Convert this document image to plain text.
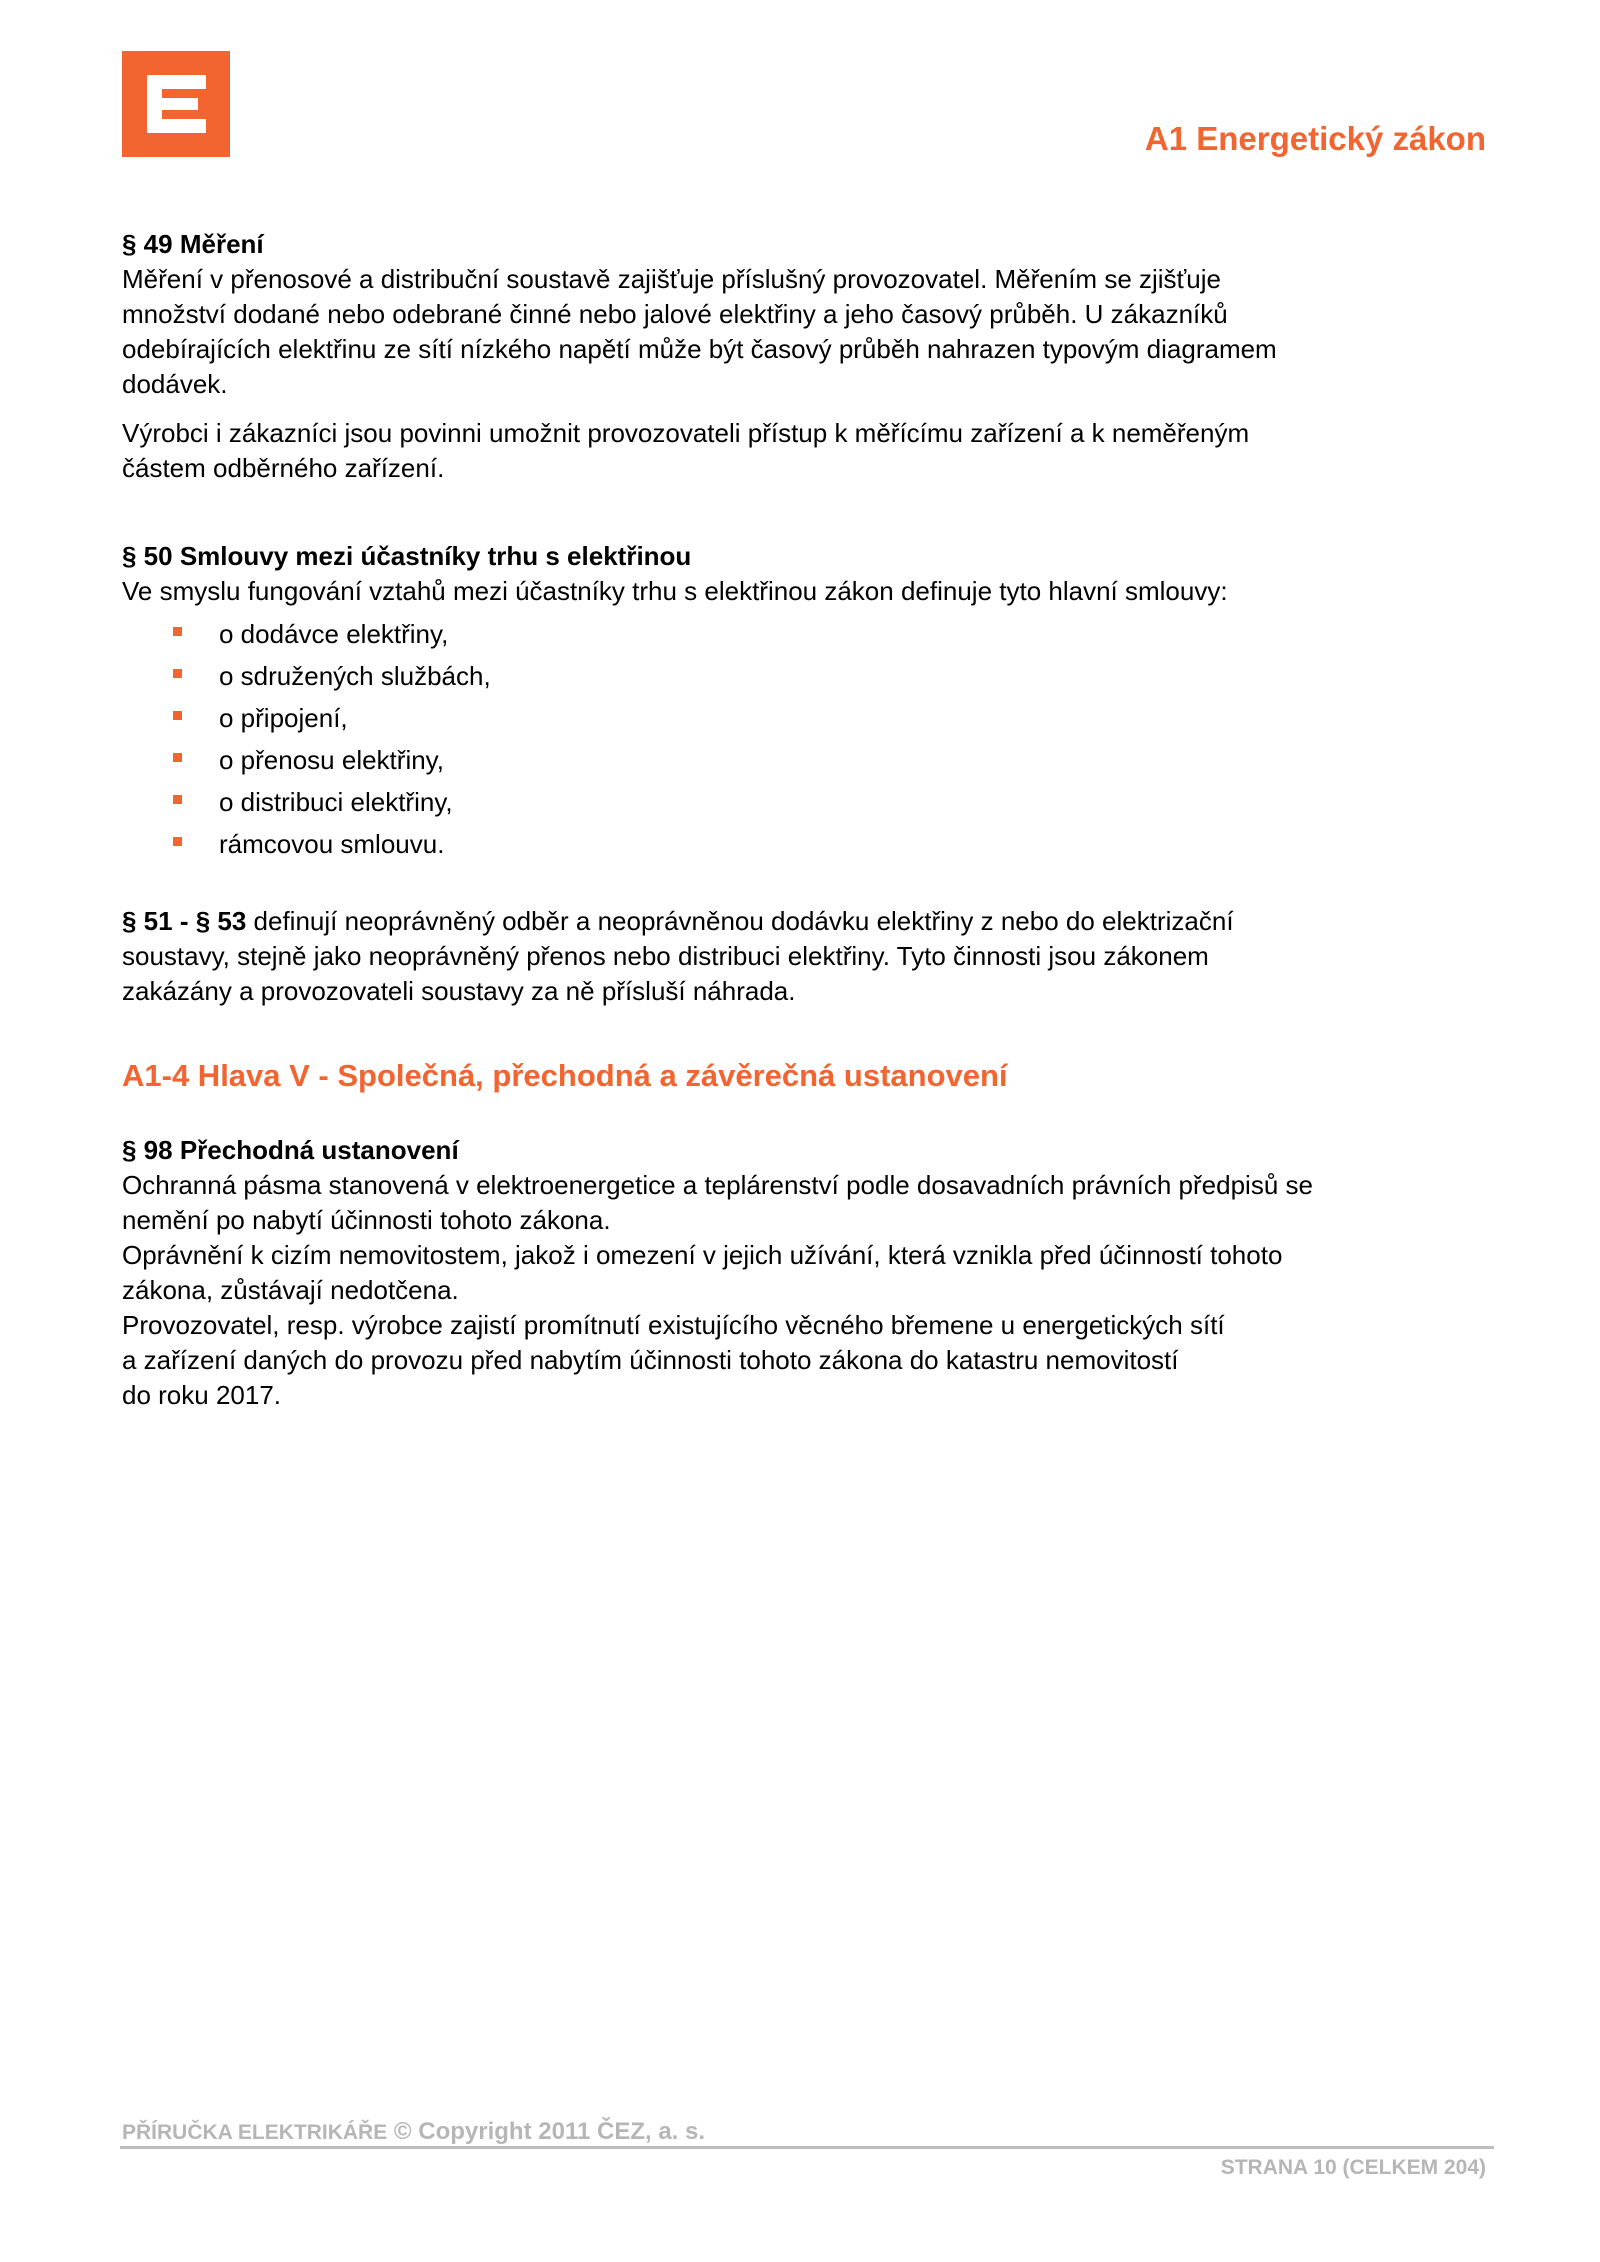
A1 Energetický zákon

§ 49 Měření

Měření v přenosové a distribuční soustavě zajišťuje příslušný provozovatel. Měřením se zjišťuje
množství dodané nebo odebrané činné nebo jalové elektřiny a jeho časový průběh. U zákazníků
odebírajících elektřinu ze sítí nízkého napětí může být časový průběh nahrazen typovým diagramem
dodávek.

Výrobci i zákazníci jsou povinni umožnit provozovateli přístup k měřícímu zařízení a k neměřeným
částem odběrného zařízení.

§ 50 Smlouvy mezi účastníky trhu s elektřinou

Ve smyslu fungování vztahů mezi účastníky trhu s elektřinou zákon definuje tyto hlavní smlouvy:

o dodávce elektřiny,
o sdružených službách,
o připojení,
o přenosu elektřiny,
o distribuci elektřiny,
rámcovou smlouvu.

§ 51 - § 53 definují neoprávněný odběr a neoprávněnou dodávku elektřiny z nebo do elektrizační
soustavy, stejně jako neoprávněný přenos nebo distribuci elektřiny. Tyto činnosti jsou zákonem
zakázány a provozovateli soustavy za ně přísluší náhrada.

A1-4 Hlava V - Společná, přechodná a závěrečná ustanovení

§ 98 Přechodná ustanovení

Ochranná pásma stanovená v elektroenergetice a teplárenství podle dosavadních právních předpisů se
nemění po nabytí účinnosti tohoto zákona.
Oprávnění k cizím nemovitostem, jakož i omezení v jejich užívání, která vznikla před účinností tohoto
zákona, zůstávají nedotčena.
Provozovatel, resp. výrobce zajistí promítnutí existujícího věcného břemene u energetických sítí
a zařízení daných do provozu před nabytím účinnosti tohoto zákona do katastru nemovitostí
do roku 2017.

PŘÍRUČKA ELEKTRIKÁŘE © Copyright 2011 ČEZ, a. s.
STRANA 10 (CELKEM 204)
